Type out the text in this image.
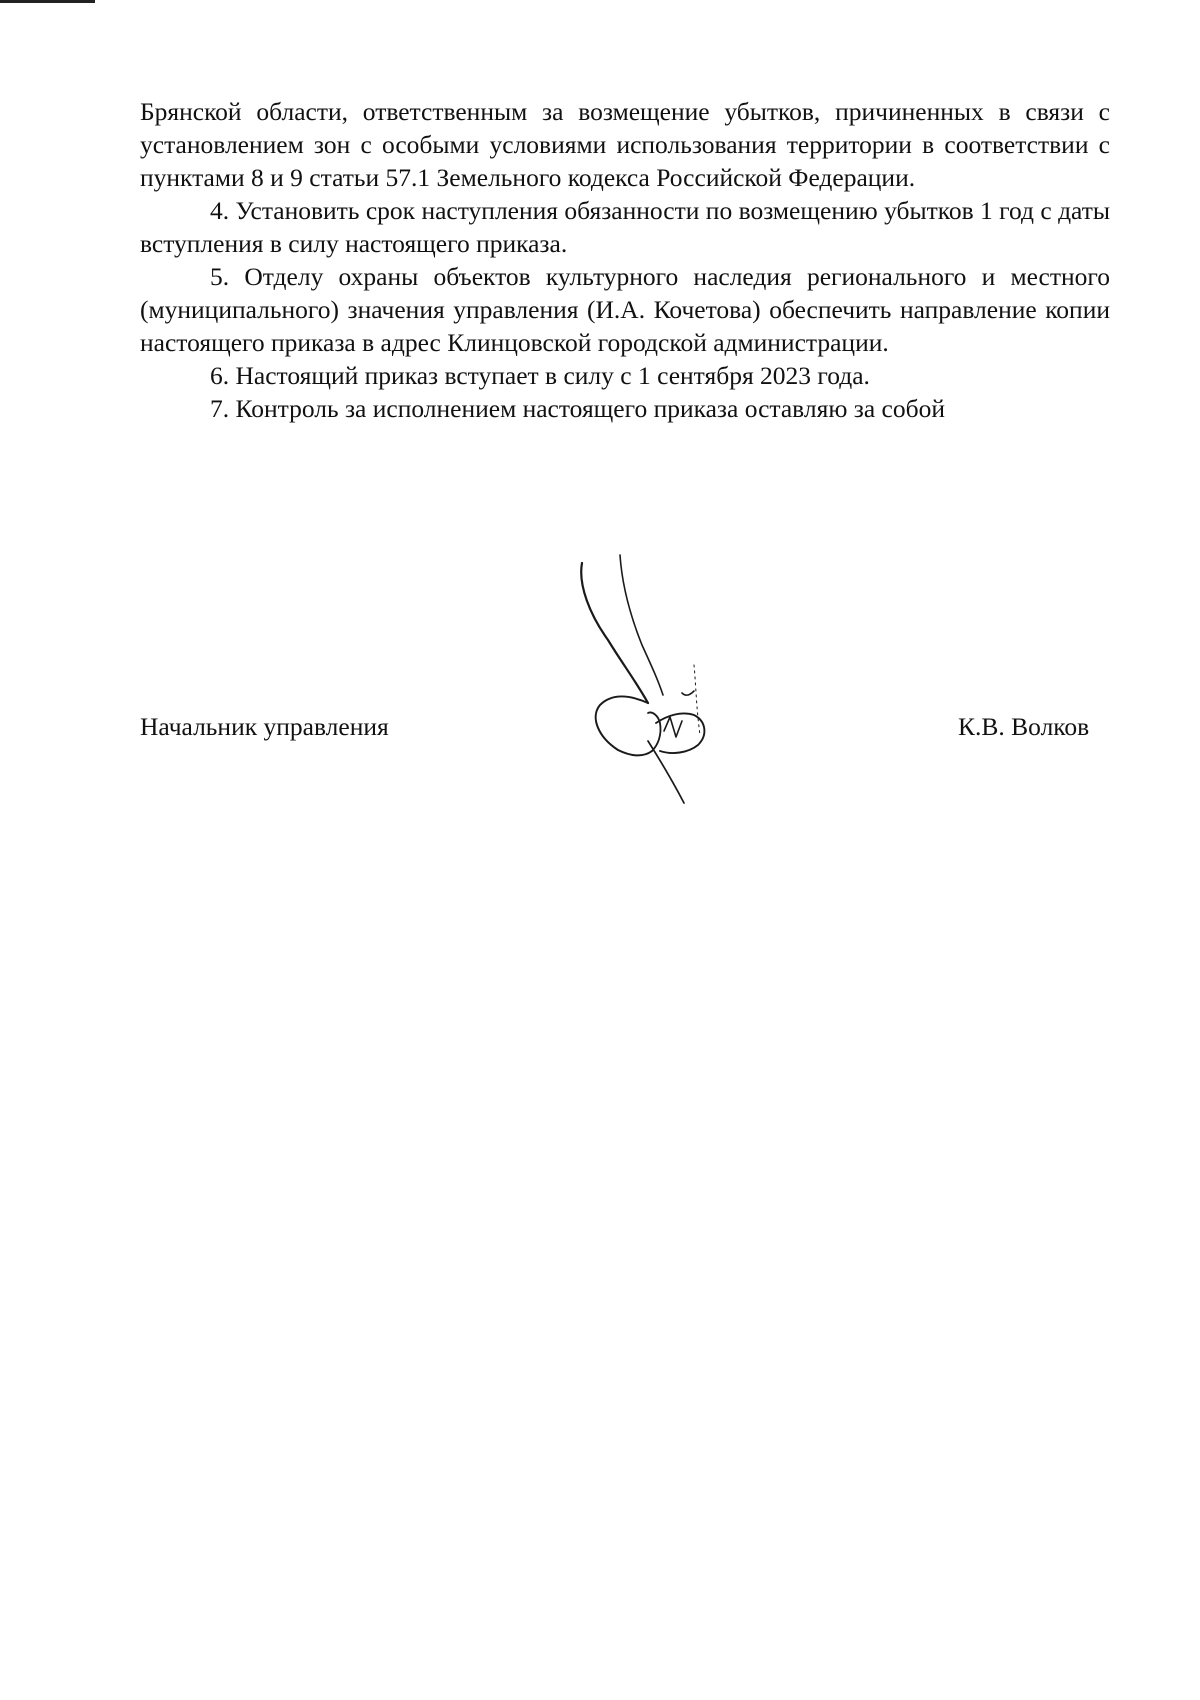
Брянской области, ответственным за возмещение убытков, причиненных в связи с установлением зон с особыми условиями использования территории в соответствии с пунктами 8 и 9 статьи 57.1 Земельного кодекса Российской Федерации.

4. Установить срок наступления обязанности по возмещению убытков 1 год с даты вступления в силу настоящего приказа.

5. Отделу охраны объектов культурного наследия регионального и местного (муниципального) значения управления (И.А. Кочетова) обеспечить направление копии настоящего приказа в адрес Клинцовской городской администрации.

6. Настоящий приказ вступает в силу с 1 сентября 2023 года.

7. Контроль за исполнением настоящего приказа оставляю за собой

Начальник управления	К.В. Волков
